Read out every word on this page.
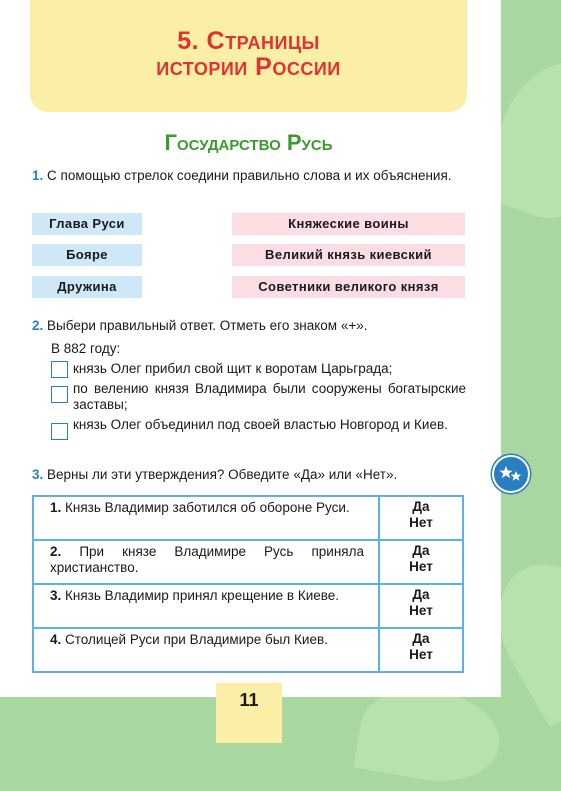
5. Страницы
истории России
Государство Русь
1. С помощью стрелок соедини правильно слова и их объяснения.
Глава Руси
Бояре
Дружина
Княжеские воины
Великий князь киевский
Советники великого князя
2. Выбери правильный ответ. Отметь его знаком «+».
В 882 году:
князь Олег прибил свой щит к воротам Царьграда;
по велению князя Владимира были сооружены богатырские заставы;
князь Олег объединил под своей властью Новгород и Киев.
3. Верны ли эти утверждения? Обведите «Да» или «Нет».
1. Князь Владимир заботился об обороне Руси.	Да
Нет

2. При князе Владимире Русь приняла христианство.	Да
Нет

3. Князь Владимир принял крещение в Киеве.	Да
Нет

4. Столицей Руси при Владимире был Киев.	Да
Нет
11
